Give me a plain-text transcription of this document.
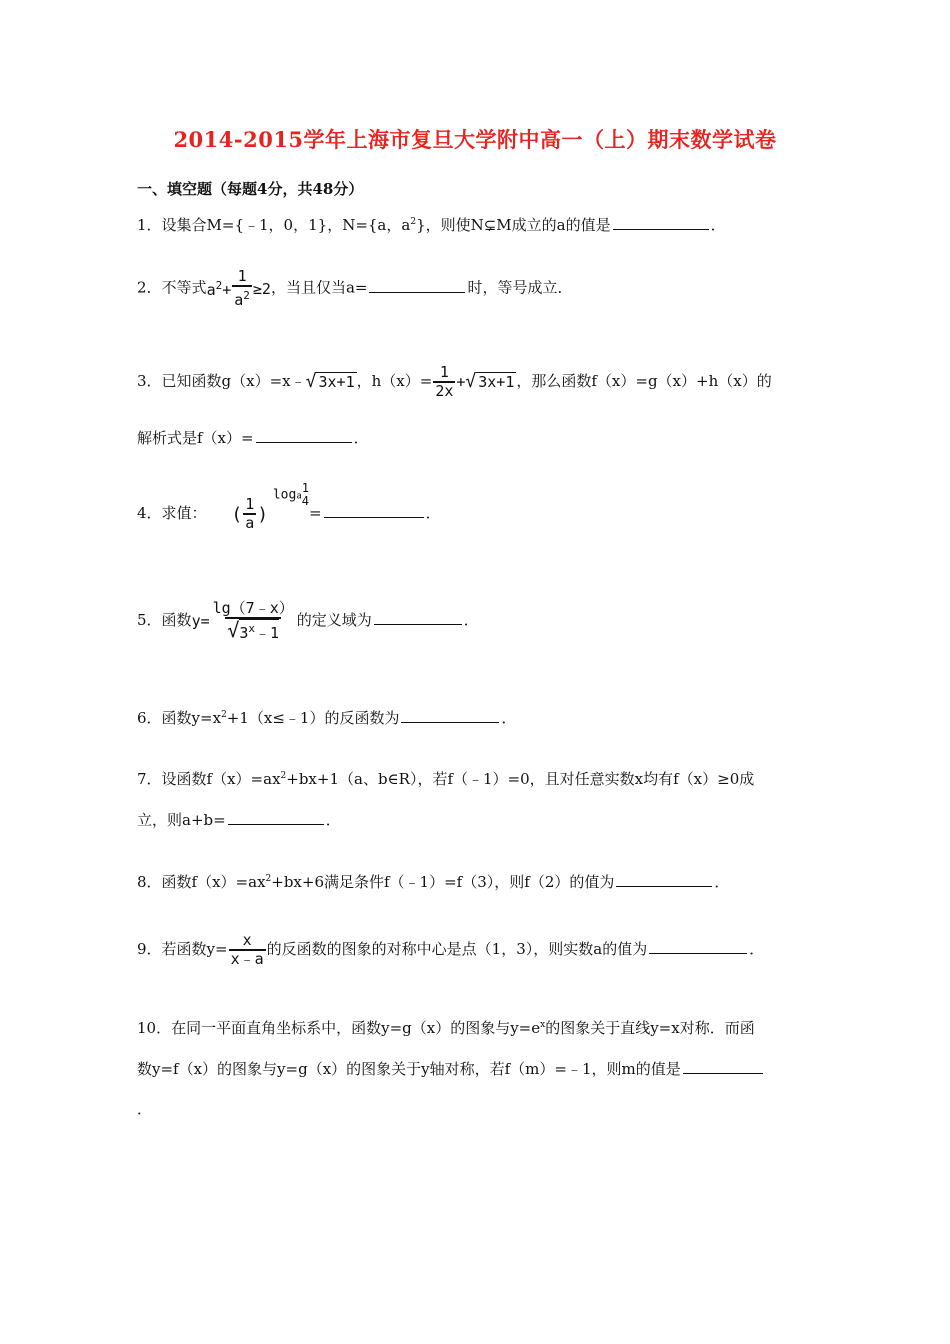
2014-2015学年上海市复旦大学附中高一（上）期末数学试卷
一、填空题（每题4分，共48分）
1．设集合M={﹣1，0，1}，N={a，$a^2$}，则使N⊊M成立的a的值是	．
2．不等式$a^2+ \frac{1}{a^2} \ge 2$，当且仅当a=	时，等号成立．
3．已知函数g（x）=x﹣ √ 3x+1 ，$h(x)= \frac{1}{2x}$ + √ 3x+1 ，那么函数f（x）=g（x）+h（x）的
解析式是f（x）=	．
4．求值： ( $\frac{1}{a}$ ) loga
1
4
=	．
5．函数$y= \frac{\lg(7﹣x)}{√ 3^x﹣1}$ 的定义域为	．
6．函数$y=x^2+1(x\le﹣1)$的反函数为	．
7．设函数$f(x)=ax^2+bx+1(a$、b∈R），若f（﹣1）=0，且对任意实数x均有f（x）≥0成
立，则a+b=	．
8．函数$f(x)=ax^2+bx+6$满足条件f（﹣1）=f（3），则f（2）的值为	．
9．若函数$y= \frac{x}{x﹣a}$ 的反函数的图象的对称中心是点（1，3），则实数a的值为	．
10．在同一平面直角坐标系中，函数y=g（x）的图象与$y=e^x$的图象关于直线y=x对称．而函
数y=f（x）的图象与y=g（x）的图象关于y轴对称，若f（m）=﹣1，则m的值是
．
